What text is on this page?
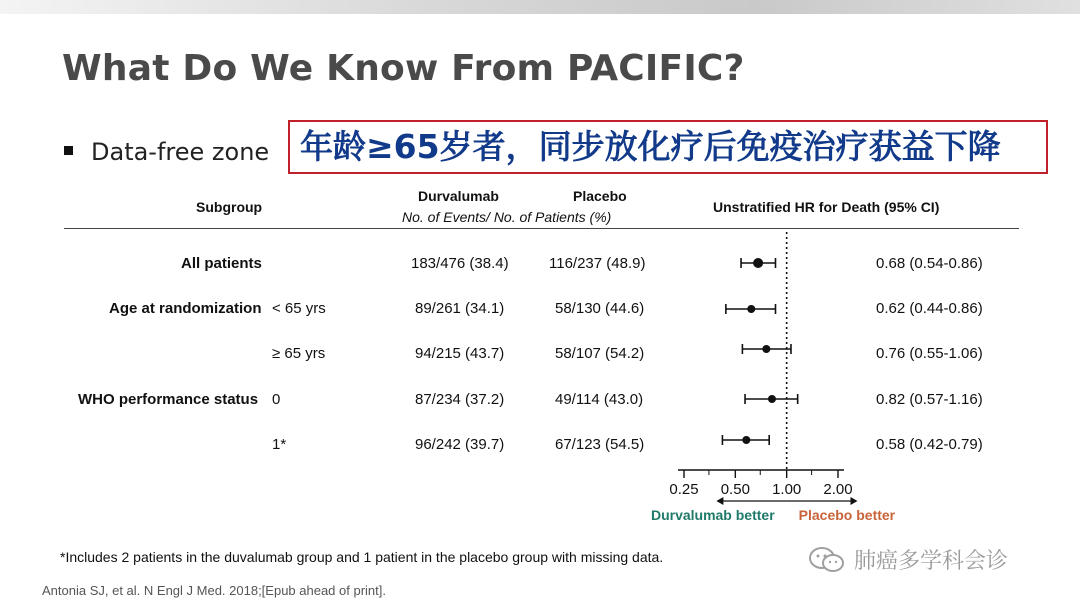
What Do We Know From PACIFIC?
Data-free zone 年龄≥65岁者，同步放化疗后免疫治疗获益下降
Subgroup
Durvalumab	Placebo
No. of Events/ No. of Patients (%)
Unstratified HR for Death (95% CI)
All patients	183/476 (38.4)	116/237 (48.9)	0.68 (0.54-0.86)
Age at randomization < 65 yrs	89/261 (34.1)	58/130 (44.6)	0.62 (0.44-0.86)
≥ 65 yrs	94/215 (43.7)	58/107 (54.2)	0.76 (0.55-1.06)
WHO performance status 0	87/234 (37.2)	49/114 (43.0)	0.82 (0.57-1.16)
1*	96/242 (39.7)	67/123 (54.5)	0.58 (0.42-0.79)
0.25 0.50 1.00 2.00
Durvalumab better Placebo better
*Includes 2 patients in the duvalumab group and 1 patient in the placebo group with missing data.
Antonia SJ, et al. N Engl J Med. 2018;[Epub ahead of print].
肺癌多学科会诊
